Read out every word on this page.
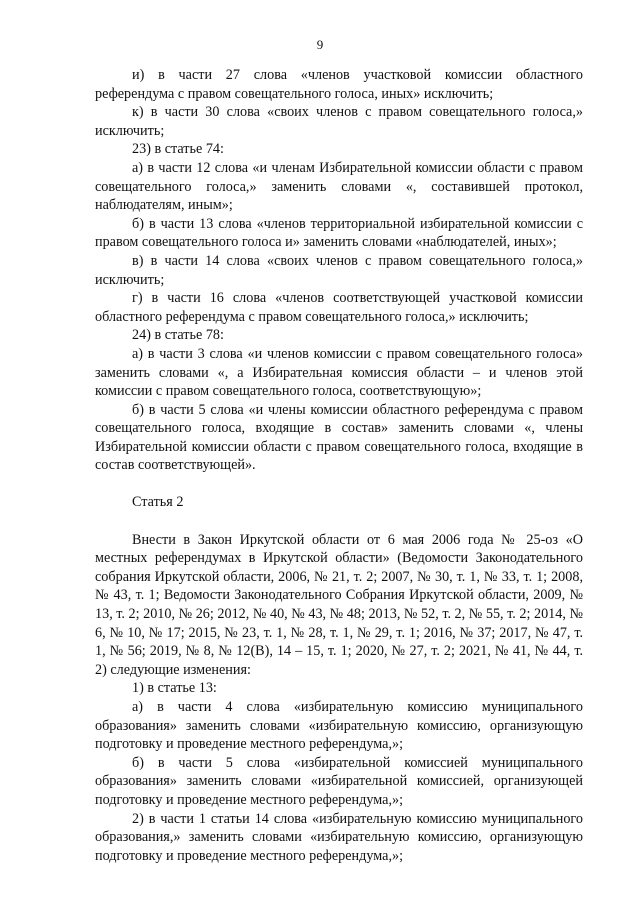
9

и) в части 27 слова «членов участковой комиссии областного референдума с правом совещательного голоса, иных» исключить;

к) в части 30 слова «своих членов с правом совещательного голоса,» исключить;

23) в статье 74:

а) в части 12 слова «и членам Избирательной комиссии области с правом совещательного голоса,» заменить словами «, составившей протокол, наблюдателям, иным»;

б) в части 13 слова «членов территориальной избирательной комиссии с правом совещательного голоса и» заменить словами «наблюдателей, иных»;

в) в части 14 слова «своих членов с правом совещательного голоса,» исключить;

г) в части 16 слова «членов соответствующей участковой комиссии областного референдума с правом совещательного голоса,» исключить;

24) в статье 78:

а) в части 3 слова «и членов комиссии с правом совещательного голоса» заменить словами «, а Избирательная комиссия области – и членов этой комиссии с правом совещательного голоса, соответствующую»;

б) в части 5 слова «и члены комиссии областного референдума с правом совещательного голоса, входящие в состав» заменить словами «, члены Избирательной комиссии области с правом совещательного голоса, входящие в состав соответствующей».

Статья 2

Внести в Закон Иркутской области от 6 мая 2006 года № 25-оз «О местных референдумах в Иркутской области» (Ведомости Законодательного собрания Иркутской области, 2006, № 21, т. 2; 2007, № 30, т. 1, № 33, т. 1; 2008, № 43, т. 1; Ведомости Законодательного Собрания Иркутской области, 2009, № 13, т. 2; 2010, № 26; 2012, № 40, № 43, № 48; 2013, № 52, т. 2, № 55, т. 2; 2014, № 6, № 10, № 17; 2015, № 23, т. 1, № 28, т. 1, № 29, т. 1; 2016, № 37; 2017, № 47, т. 1, № 56; 2019, № 8, № 12(В), 14 – 15, т. 1; 2020, № 27, т. 2; 2021, № 41, № 44, т. 2) следующие изменения:

1) в статье 13:

а) в части 4 слова «избирательную комиссию муниципального образования» заменить словами «избирательную комиссию, организующую подготовку и проведение местного референдума,»;

б) в части 5 слова «избирательной комиссией муниципального образования» заменить словами «избирательной комиссией, организующей подготовку и проведение местного референдума,»;

2) в части 1 статьи 14 слова «избирательную комиссию муниципального образования,» заменить словами «избирательную комиссию, организующую подготовку и проведение местного референдума,»;
